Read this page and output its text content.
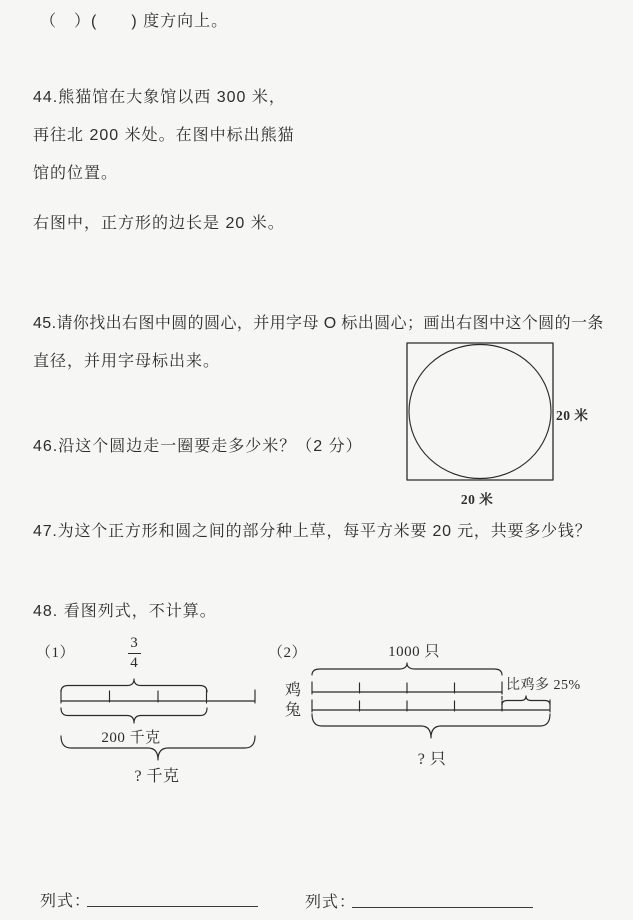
（　）(　　) 度方向上。
44.熊猫馆在大象馆以西 300 米，
再往北 200 米处。在图中标出熊猫
馆的位置。
右图中，正方形的边长是 20 米。
45.请你找出右图中圆的圆心，并用字母 O 标出圆心；画出右图中这个圆的一条
直径，并用字母标出来。
20 米
20 米
46.沿这个圆边走一圈要走多少米？（2 分）
47.为这个正方形和圆之间的部分种上草，每平方米要 20 元，共要多少钱？
48. 看图列式，不计算。
（1）
3
4
200 千克
? 千克
（2）	1000 只
鸡
兔
比鸡多 25%
? 只
列式：	列式：
